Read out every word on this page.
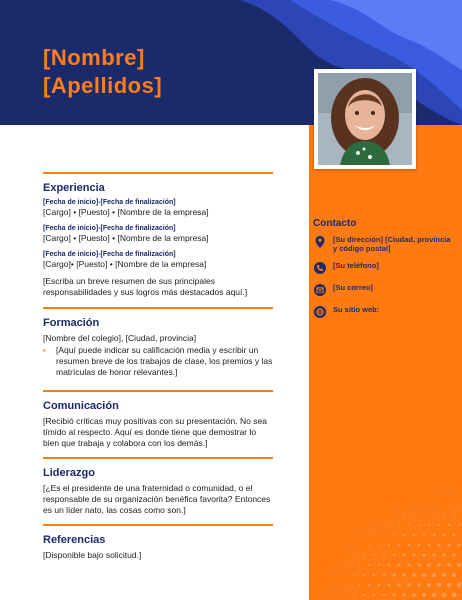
[Nombre]
[Apellidos]
Experiencia
[Fecha de inicio]-[Fecha de finalización]
[Cargo] • [Puesto] • [Nombre de la empresa]
[Fecha de inicio]-[Fecha de finalización]
[Cargo] • [Puesto] • [Nombre de la empresa]
[Fecha de inicio]-[Fecha de finalización]
[Cargo]• [Puesto] • [Nombre de la empresa]
[Escriba un breve resumen de sus principales responsabilidades y sus logros más destacados aquí.]
Formación
[Nombre del colegio], [Ciudad, provincia]
▪	[Aquí puede indicar su calificación media y escribir un resumen breve de los trabajos de clase, los premios y las matrículas de honor relevantes.]
Comunicación
[Recibió críticas muy positivas con su presentación. No sea tímido al respecto. Aquí es donde tiene que demostrar lo bien que trabaja y colabora con los demás.]
Liderazgo
[¿Es el presidente de una fraternidad o comunidad, o el responsable de su organización benéfica favorita? Entonces es un líder nato, las cosas como son.]
Referencias
[Disponible bajo solicitud.]
Contacto
[Su dirección] [Ciudad, provincia y código postal]
[Su teléfono]
[Su correo]
Su sitio web:
